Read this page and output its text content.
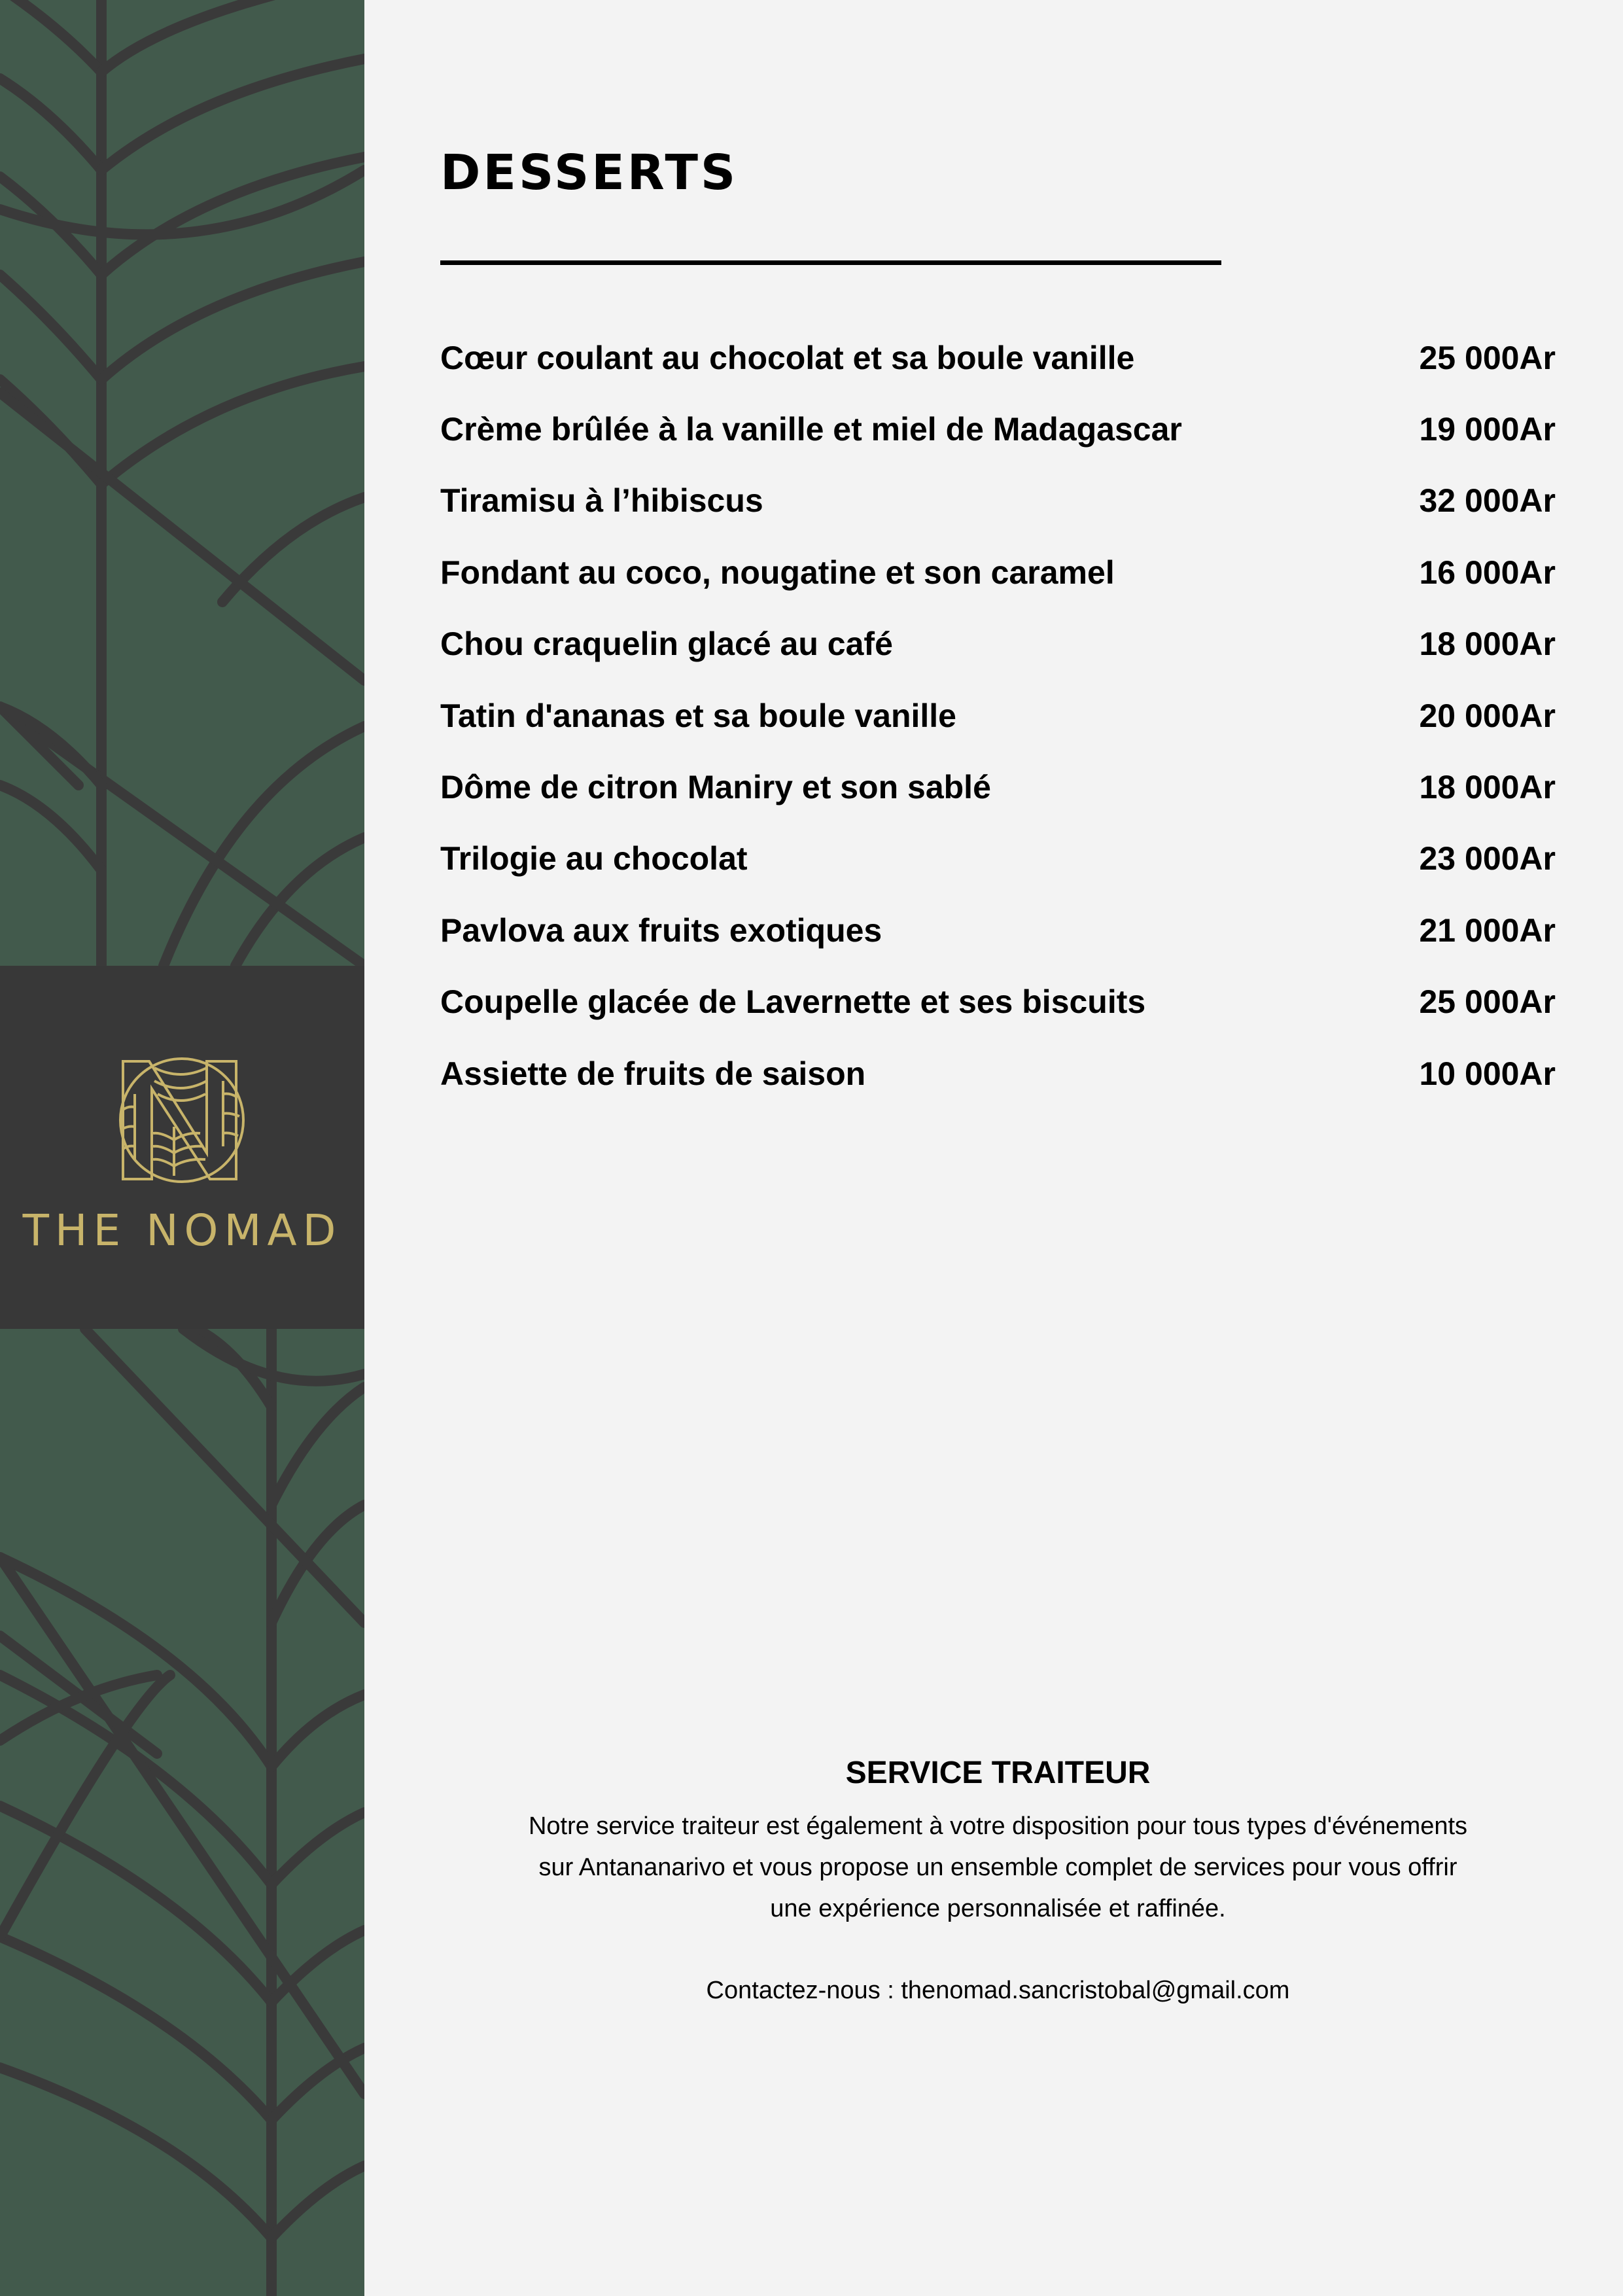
THE NOMAD
DESSERTS
Cœur coulant au chocolat et sa boule vanille	25 000Ar
Crème brûlée à la vanille et miel de Madagascar	19 000Ar
Tiramisu à l’hibiscus	32 000Ar
Fondant au coco, nougatine et son caramel	16 000Ar
Chou craquelin glacé au café	18 000Ar
Tatin d'ananas et sa boule vanille	20 000Ar
Dôme de citron Maniry et son sablé	18 000Ar
Trilogie au chocolat	23 000Ar
Pavlova aux fruits exotiques	21 000Ar
Coupelle glacée de Lavernette et ses biscuits	25 000Ar
Assiette de fruits de saison	10 000Ar
SERVICE TRAITEUR

Notre service traiteur est également à votre disposition pour tous types d'événements
sur Antananarivo et vous propose un ensemble complet de services pour vous offrir
une expérience personnalisée et raffinée.

Contactez-nous : thenomad.sancristobal@gmail.com
